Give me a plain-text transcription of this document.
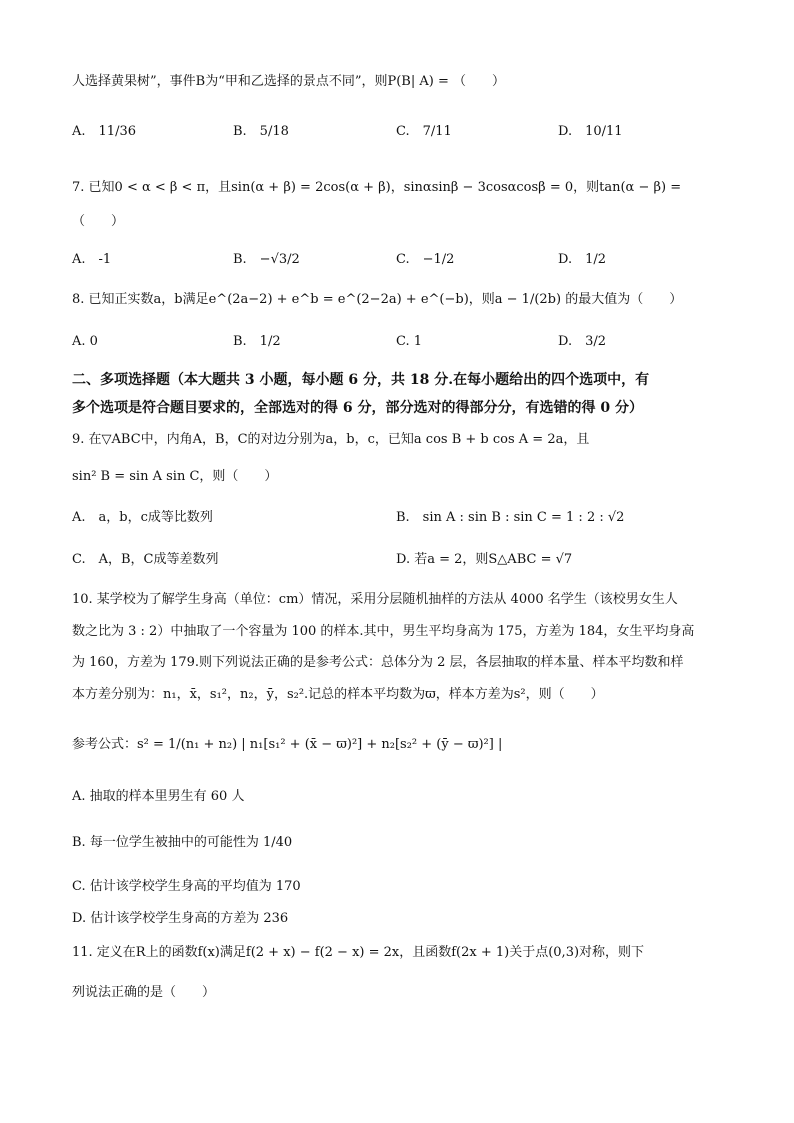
人选择黄果树”，事件B为“甲和乙选择的景点不同”，则P(B| A) = （　　）
A.　11/36	B.　5/18	C.　7/11	D.　10/11
7. 已知0 < α < β < π，且sin(α + β) = 2cos(α + β)，sinαsinβ − 3cosαcosβ = 0，则tan(α − β) =
（　　）
A.　-1	B.　−√3/2	C.　−1/2	D.　1/2
8. 已知正实数a，b满足e^(2a−2) + e^b = e^(2−2a) + e^(−b)，则a − 1/(2b) 的最大值为（　　）
A. 0	B.　1/2	C. 1	D.　3/2
二、多项选择题（本大题共 3 小题，每小题 6 分，共 18 分.在每小题给出的四个选项中，有
多个选项是符合题目要求的，全部选对的得 6 分，部分选对的得部分分，有选错的得 0 分）
9. 在▽ABC中，内角A，B，C的对边分别为a，b，c，已知a cos B + b cos A = 2a，且
sin² B = sin A sin C，则（　　）
A.　a，b，c成等比数列	B.　sin A : sin B : sin C = 1 : 2 : √2
C.　A，B，C成等差数列	D. 若a = 2，则S△ABC = √7
10. 某学校为了解学生身高（单位：cm）情况，采用分层随机抽样的方法从 4000 名学生（该校男女生人
数之比为 3 : 2）中抽取了一个容量为 100 的样本.其中，男生平均身高为 175，方差为 184，女生平均身高
为 160，方差为 179.则下列说法正确的是参考公式：总体分为 2 层，各层抽取的样本量、样本平均数和样
本方差分别为：n₁，x̄，s₁²，n₂，ȳ，s₂².记总的样本平均数为ϖ，样本方差为s²，则（　　）
参考公式：s² = 1/(n₁ + n₂) | n₁[s₁² + (x̄ − ϖ)²] + n₂[s₂² + (ȳ − ϖ)²] |
A. 抽取的样本里男生有 60 人
B. 每一位学生被抽中的可能性为 1/40
C. 估计该学校学生身高的平均值为 170
D. 估计该学校学生身高的方差为 236
11. 定义在R上的函数f(x)满足f(2 + x) − f(2 − x) = 2x，且函数f(2x + 1)关于点(0,3)对称，则下
列说法正确的是（　　）
